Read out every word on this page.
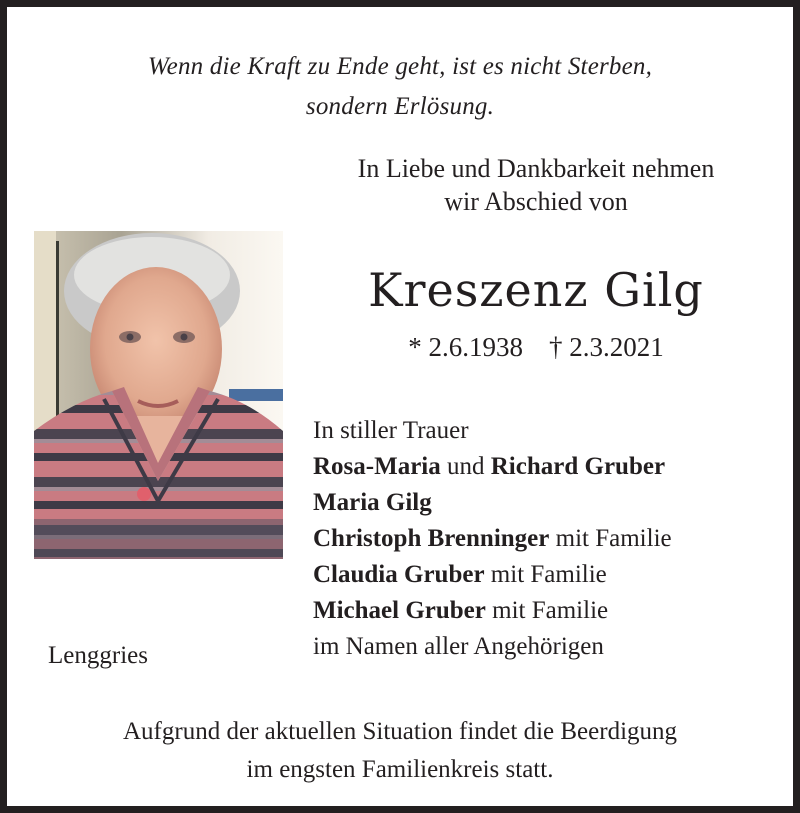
Wenn die Kraft zu Ende geht, ist es nicht Sterben,
sondern Erlösung.
In Liebe und Dankbarkeit nehmen
wir Abschied von
Kreszenz Gilg
* 2.6.1938 † 2.3.2021
In stiller Trauer
Rosa-Maria und Richard Gruber
Maria Gilg
Christoph Brenninger mit Familie
Claudia Gruber mit Familie
Michael Gruber mit Familie
im Namen aller Angehörigen
Lenggries
Aufgrund der aktuellen Situation findet die Beerdigung
im engsten Familienkreis statt.
